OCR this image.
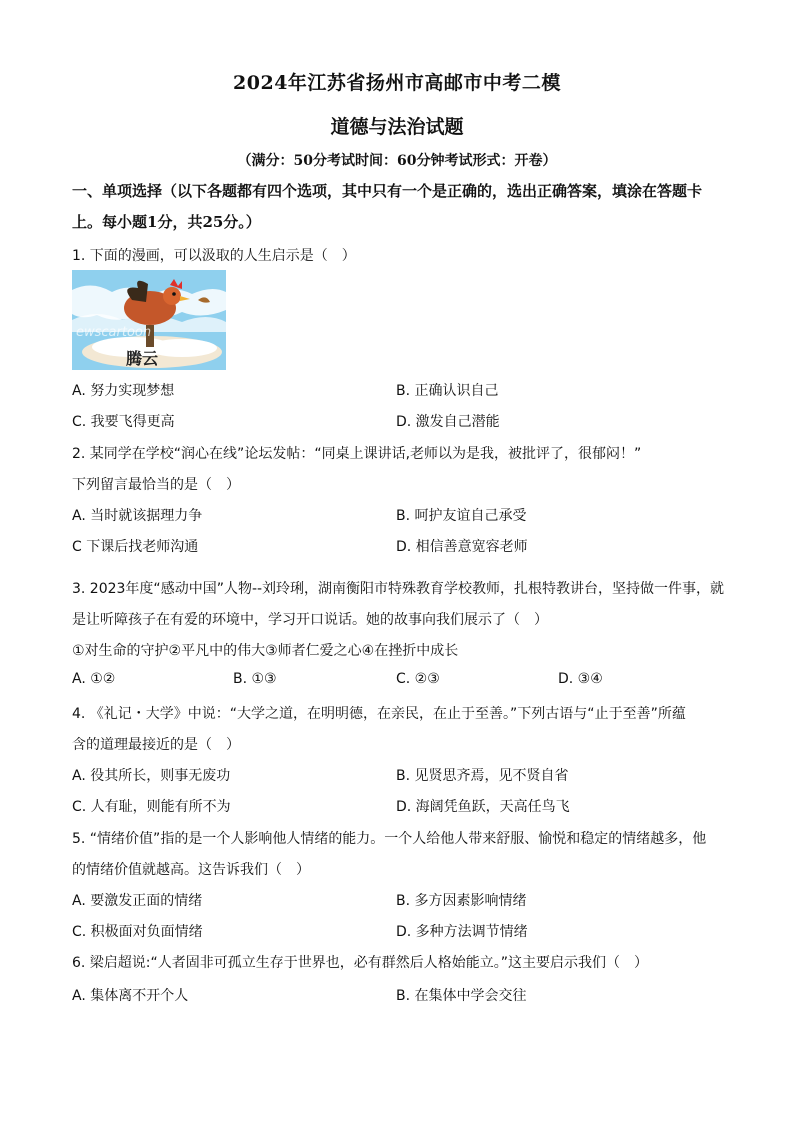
2024年江苏省扬州市高邮市中考二模
道德与法治试题
（满分：50分考试时间：60分钟考试形式：开卷）
一、单项选择（以下各题都有四个选项，其中只有一个是正确的，选出正确答案，填涂在答题卡上。每小题1分，共25分。）
1. 下面的漫画，可以汲取的人生启示是（　）
ewscartoon
腾云
A. 努力实现梦想	B. 正确认识自己
C. 我要飞得更高	D. 激发自己潜能
2. 某同学在学校“润心在线”论坛发帖：“同桌上课讲话,老师以为是我，被批评了，很郁闷！”
下列留言最恰当的是（　）
A. 当时就该据理力争	B. 呵护友谊自己承受
C 下课后找老师沟通	D. 相信善意宽容老师
3. 2023年度“感动中国”人物--刘玲琍，湖南衡阳市特殊教育学校教师，扎根特教讲台，坚持做一件事，就
是让听障孩子在有爱的环境中，学习开口说话。她的故事向我们展示了（　）
①对生命的守护②平凡中的伟大③师者仁爱之心④在挫折中成长
A. ①②	B. ①③	C. ②③	D. ③④
4. 《礼记・大学》中说：“大学之道，在明明德，在亲民，在止于至善。”下列古语与“止于至善”所蕴
含的道理最接近的是（　）
A. 役其所长，则事无废功	B. 见贤思齐焉，见不贤自省
C. 人有耻，则能有所不为	D. 海阔凭鱼跃，天高任鸟飞
5. “情绪价值”指的是一个人影响他人情绪的能力。一个人给他人带来舒服、愉悦和稳定的情绪越多，他
的情绪价值就越高。这告诉我们（　）
A. 要激发正面的情绪	B. 多方因素影响情绪
C. 积极面对负面情绪	D. 多种方法调节情绪
6. 梁启超说:“人者固非可孤立生存于世界也，必有群然后人格始能立。”这主要启示我们（　）
A. 集体离不开个人	B. 在集体中学会交往
